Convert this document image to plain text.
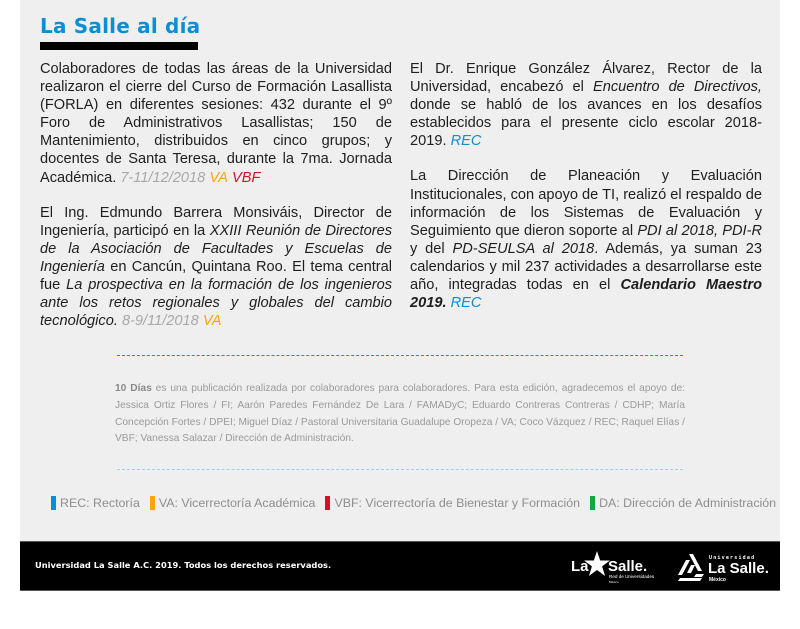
La Salle al día

Colaboradores de todas las áreas de la Universidad realizaron el cierre del Curso de Formación Lasallista (FORLA) en diferentes sesiones: 432 durante el 9º Foro de Administrativos Lasallistas; 150 de Mantenimiento, distribuidos en cinco grupos; y docentes de Santa Teresa, durante la 7ma. Jornada Académica. 7-11/12/2018 VA VBF

El Ing. Edmundo Barrera Monsiváis, Director de Ingeniería, participó en la XXIII Reunión de Directores de la Asociación de Facultades y Escuelas de Ingeniería en Cancún, Quintana Roo. El tema central fue La prospectiva en la formación de los ingenieros ante los retos regionales y globales del cambio tecnológico. 8-9/11/2018 VA

El Dr. Enrique González Álvarez, Rector de la Universidad, encabezó el Encuentro de Directivos, donde se habló de los avances en los desafíos establecidos para el presente ciclo escolar 2018-2019. REC

La Dirección de Planeación y Evaluación Institucionales, con apoyo de TI, realizó el respaldo de información de los Sistemas de Evaluación y Seguimiento que dieron soporte al PDI al 2018, PDI-R y del PD-SEULSA al 2018. Además, ya suman 23 calendarios y mil 237 actividades a desarrollarse este año, integradas todas en el Calendario Maestro 2019. REC

10 Días es una publicación realizada por colaboradores para colaboradores. Para esta edición, agradecemos el apoyo de: Jessica Ortiz Flores / FI; Aarón Paredes Fernández De Lara / FAMADyC; Eduardo Contreras Contreras / CDHP; María Concepción Fortes / DPEI; Miguel Díaz / Pastoral Universitaria Guadalupe Oropeza / VA; Coco Vázquez / REC; Raquel Elías / VBF; Vanessa Salazar / Dirección de Administración.

REC: Rectoría VA: Vicerrectoría Académica VBF: Vicerrectoría de Bienestar y Formación DA: Dirección de Administración
Universidad La Salle A.C. 2019. Todos los derechos reservados.	La Salle.
Red de Universidades
México
Universidad
La Salle.
México
